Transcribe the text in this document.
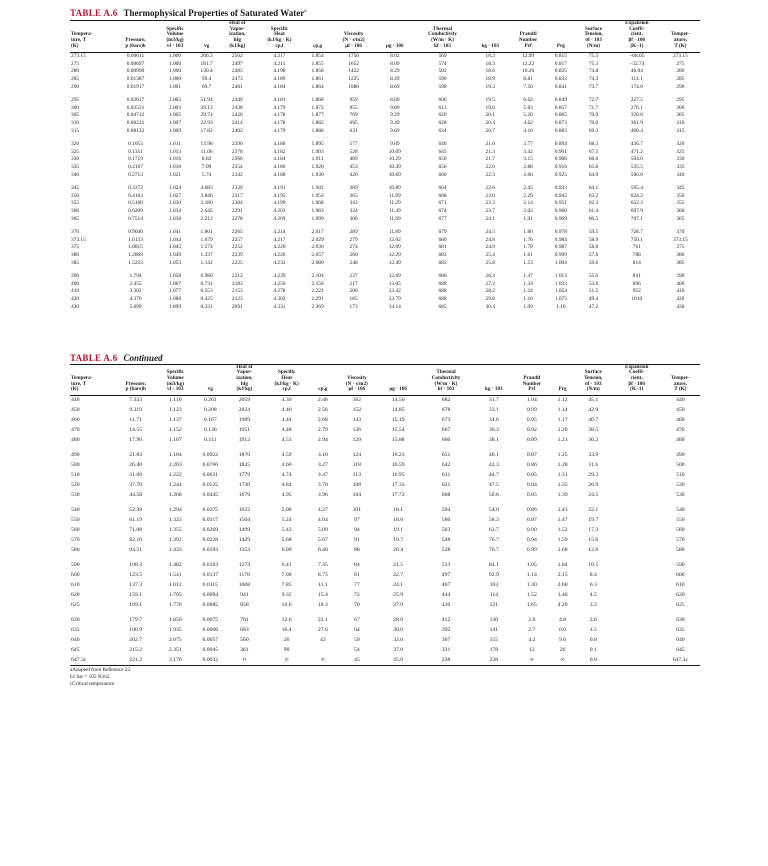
TABLE A.6 Thermophysical Properties of Saturated Water$^a$
Tempera-
ture, T
(K)	Pressure,
p (bars)b	Specific
Volume
(m3/kg)
vf · 103	vg	Heat of
Vapor-
ization,
hfg
(kJ/kg)	Specific
Heat
(kJ/kg · K)
cp,f	cp,g	Viscosity
(N · s/m2)
μf · 106	μg · 106	Thermal
Conductivity
(W/m · K)
kf · 103	kg · 103	Prandtl
Number
Prf	Prg	Surface
Tension,
σf · 103
(N/m)	Expansion
Coeffi-
cient,
βf · 106
(K−1)	Temper-
ature,
T (K)
273.15	0.00611	1.000	206.3	2502	4.217	1.854	1750	8.02	569	18.2	12.99	0.815	75.5	−68.05	273.15
275	0.00697	1.000	181.7	2497	4.211	1.855	1652	8.09	574	18.3	12.22	0.817	75.3	−32.74	275
280	0.00990	1.000	130.4	2485	4.198	1.858	1422	8.29	582	18.6	10.26	0.825	74.8	46.04	280
285	0.01387	1.000	99.4	2473	4.189	1.861	1225	8.49	590	18.9	8.81	0.833	74.3	114.1	285
290	0.01917	1.001	69.7	2461	4.184	1.864	1080	8.69	598	19.3	7.56	0.841	73.7	174.0	290

295	0.02617	1.002	51.94	2449	4.181	1.868	959	8.89	606	19.5	6.62	0.849	72.7	227.5	295
300	0.03531	1.003	39.13	2438	4.179	1.872	855	9.09	613	19.6	5.83	0.857	71.7	276.1	300
305	0.04712	1.005	29.74	2426	4.178	1.877	769	9.29	620	20.1	5.20	0.865	70.9	320.6	305
310	0.06221	1.007	22.93	2414	4.178	1.882	695	9.49	628	20.4	4.62	0.873	70.0	361.9	310
315	0.08132	1.009	17.82	2402	4.179	1.888	631	9.69	634	20.7	4.16	0.883	69.2	400.4	315

320	0.1053	1.011	13.98	2390	4.180	1.895	577	9.89	640	21.0	3.77	0.894	68.3	436.7	320
325	0.1351	1.013	11.06	2378	4.182	1.903	528	10.09	645	21.3	3.42	0.901	67.5	471.2	325
330	0.1719	1.016	8.82	2366	4.184	1.911	489	10.29	650	21.7	3.15	0.908	66.6	504.0	330
335	0.2167	1.018	7.09	2354	4.186	1.920	453	10.49	656	22.0	2.88	0.916	65.8	535.5	335
340	0.2713	1.021	5.74	2342	4.188	1.930	420	10.69	660	22.3	2.66	0.925	64.9	566.0	340

345	0.3372	1.024	4.683	2329	4.191	1.941	389	10.89	664	22.6	2.45	0.933	64.1	595.4	345
350	0.4163	1.027	3.846	2317	4.195	1.954	365	11.09	668	23.0	2.29	0.942	63.2	624.2	350
355	0.5100	1.030	3.180	2304	4.199	1.968	343	11.29	671	23.3	2.14	0.951	62.3	652.3	355
360	0.6209	1.034	2.645	2291	4.203	1.983	324	11.49	674	23.7	2.02	0.960	61.4	697.9	360
365	0.7514	1.038	2.212	2278	4.209	1.999	306	11.69	677	24.1	1.91	0.969	60.5	707.1	365

370	0.9040	1.041	1.861	2265	4.214	2.017	289	11.89	679	24.5	1.80	0.978	59.5	728.7	370
373.15	1.0133	1.044	1.679	2257	4.217	2.029	279	12.02	680	24.8	1.76	0.984	58.9	750.1	373.15
375	1.0815	1.045	1.574	2252	4.220	2.036	274	12.09	681	24.9	1.70	0.987	58.6	761	375
380	1.2869	1.049	1.337	2239	4.226	2.057	260	12.29	683	25.4	1.61	0.999	57.6	788	380
385	1.5233	1.053	1.142	2225	4.232	2.080	248	12.49	685	25.8	1.53	1.004	56.6	814	385

390	1.794	1.058	0.980	2212	4.239	2.104	237	12.69	686	26.3	1.47	1.013	55.6	841	390
400	2.455	1.067	0.731	2183	4.256	2.158	217	13.05	688	27.2	1.34	1.033	53.6	896	400
410	3.302	1.077	0.553	2153	4.278	2.221	200	13.42	688	28.2	1.24	1.054	51.5	952	410
420	4.370	1.088	0.425	2123	4.302	2.291	185	13.79	688	29.8	1.16	1.075	49.4	1010	420
430	5.699	1.099	0.331	2091	4.331	2.369	173	14.14	685	30.4	1.09	1.10	47.2		430
TABLE A.6 Continued
Tempera-
ture, T
(K)	Pressure,
p (bars)b	Specific
Volume
(m3/kg)
vf · 103	vg	Heat of
Vapor-
ization,
hfg
(kJ/kg)	Specific
Heat
(kJ/kg · K)
cp,f	cp,g	Viscosity
(N · s/m2)
μf · 106	μg · 106	Thermal
Conductivity
(W/m · K)
kf · 103	kg · 103	Prandtl
Number
Prf	Prg	Surface
Tension,
σf · 103
(N/m)	Expansion
Coeffi-
cient,
βf · 106
(K−1)	Temper-
ature,
T (K)
440	7.333	1.110	0.261	2059	4.36	2.46	162	14.50	682	31.7	1.04	1.12	45.1		440
450	9.319	1.123	0.208	2024	4.40	2.56	152	14.85	678	33.1	0.99	1.14	42.9		450
460	11.71	1.137	0.167	1989	4.44	2.68	143	15.19	673	34.6	0.95	1.17	40.7		460
470	14.55	1.152	0.136	1951	4.48	2.79	136	15.54	667	36.3	0.92	1.20	38.5		470
480	17.90	1.167	0.111	1912	4.53	2.94	129	15.88	660	38.1	0.89	1.23	36.2		480

490	21.83	1.184	0.0922	1870	4.59	3.10	124	16.23	651	40.1	0.87	1.25	33.9		490
500	26.40	1.203	0.0766	1825	4.66	3.27	118	16.59	642	42.3	0.86	1.28	31.6		500
510	31.66	1.222	0.0631	1779	4.74	3.47	113	16.95	631	44.7	0.85	1.31	29.3		510
520	37.70	1.244	0.0525	1730	4.84	3.70	108	17.33	621	47.5	0.84	1.35	26.9		520
530	44.58	1.268	0.0445	1679	4.95	3.96	104	17.72	608	50.6	0.85	1.39	24.5		530

540	52.38	1.294	0.0375	1622	5.08	4.27	101	18.1	594	54.0	0.86	1.43	22.1		540
550	61.19	1.323	0.0317	1564	5.24	4.64	97	18.6	580	58.3	0.87	1.47	19.7		550
560	71.08	1.355	0.0269	1499	5.43	5.09	94	19.1	563	63.7	0.90	1.52	17.3		560
570	82.16	1.392	0.0228	1429	5.68	5.67	91	19.7	548	76.7	0.94	1.59	15.0		570
580	94.51	1.433	0.0193	1353	6.00	6.40	88	20.4	528	76.7	0.99	1.68	12.8		580

590	108.3	1.482	0.0163	1274	6.41	7.35	84	21.5	513	84.1	1.05	1.84	10.5		590
600	123.5	1.541	0.0137	1176	7.00	8.75	81	22.7	497	92.9	1.14	2.15	8.4		600
610	137.3	1.612	0.0115	1068	7.85	11.1	77	24.1	467	103	1.30	2.60	6.3		610
620	159.1	1.705	0.0094	941	9.35	15.4	72	25.9	444	114	1.52	3.46	4.5		620
625	169.1	1.778	0.0085	858	10.6	18.3	70	27.0	430	121	1.65	4.20	3.5		625

630	179.7	1.856	0.0075	781	12.6	22.1	67	28.0	412	130	2.0	4.8	2.6		630
635	190.9	1.935	0.0066	683	16.4	27.6	64	30.0	392	141	2.7	6.0	1.5		635
640	202.7	2.075	0.0057	560	26	42	59	32.0	367	155	4.2	9.6	0.8		640
645	215.2	2.351	0.0045	361	90		54	37.0	331	178	12	26	0.1		645
647.3c	221.2	3.170	0.0032	0	∞	∞	45	45.0	238	238	∞	∞	0.0		647.3c
aAdapted from Reference 22.
b1 bar = 105 N/m2.
cCritical temperature.
